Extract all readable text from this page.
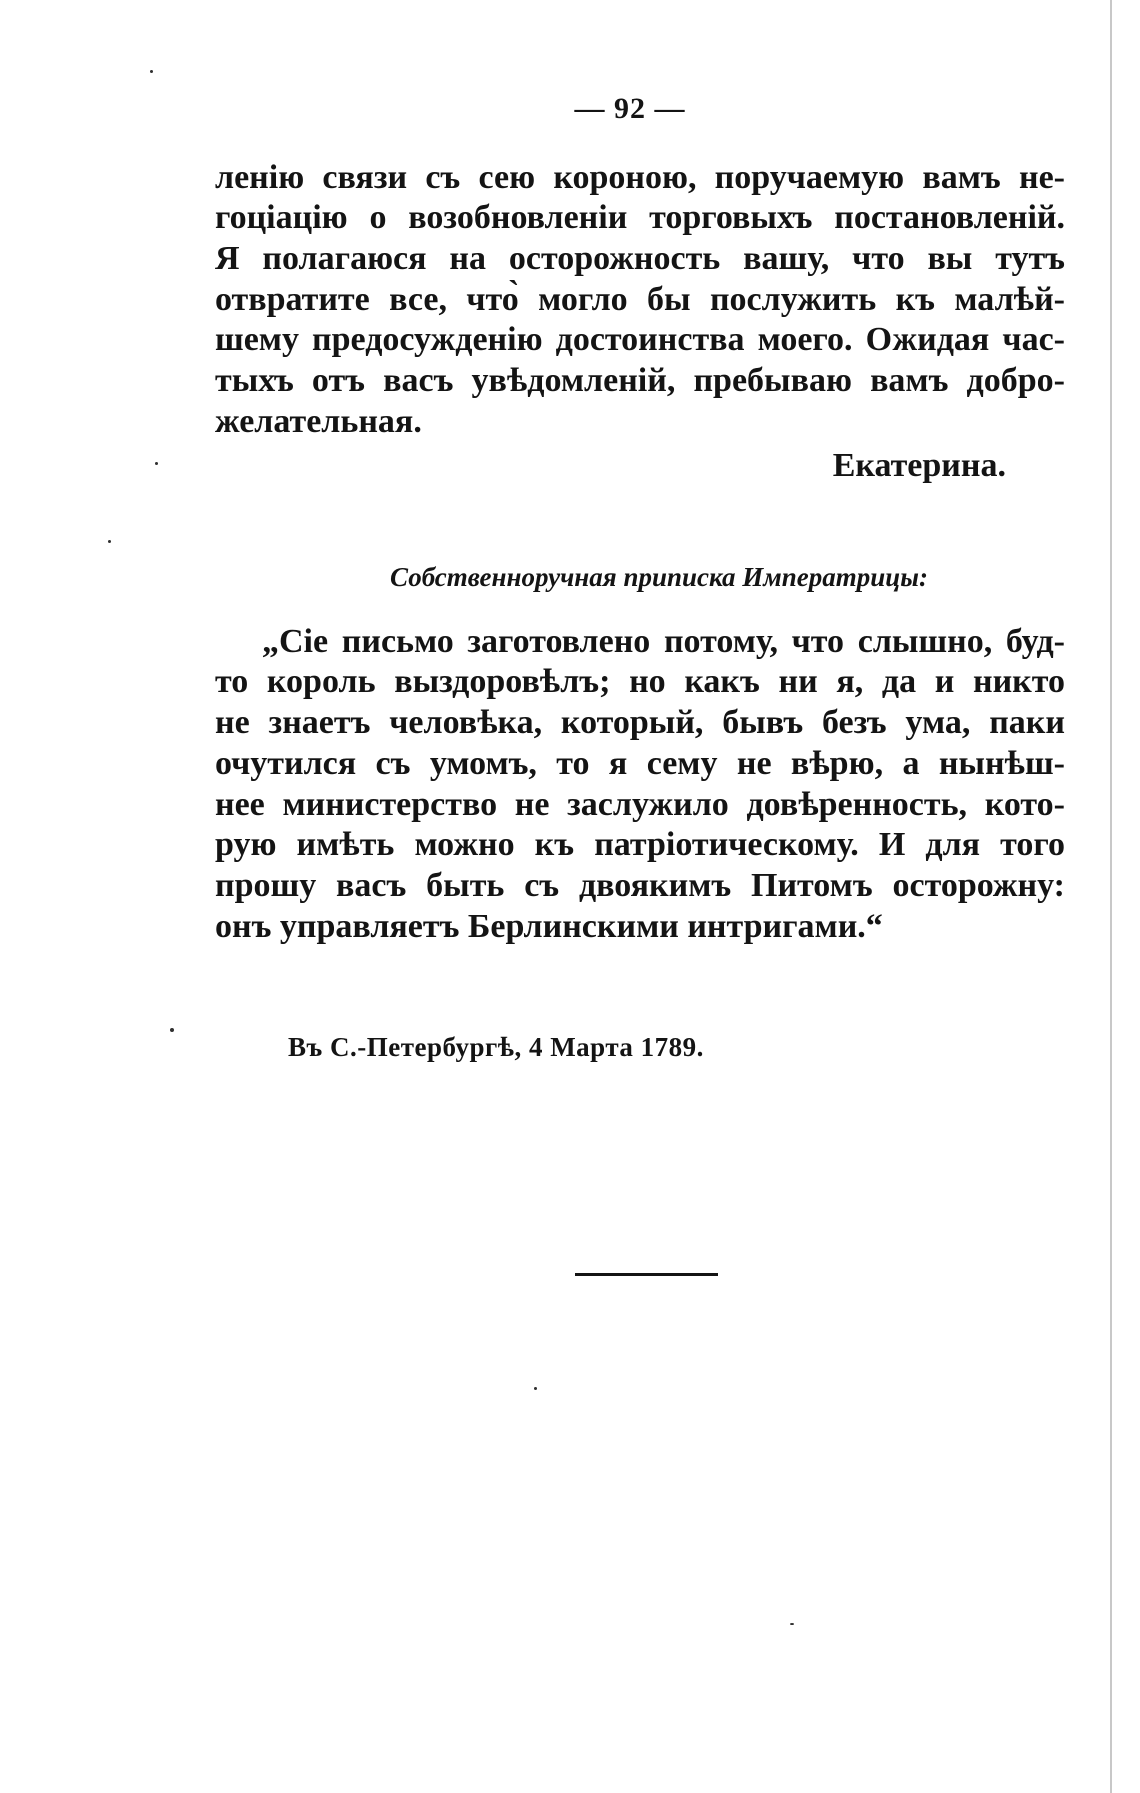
— 92 —
ленію связи съ сею короною, поручаемую вамъ не-
гоціацію о возобновленіи торговыхъ постановленій.
Я полагаюся на осторожность вашу, что вы тутъ
отвратите все, что̀ могло бы послужить къ малѣй-
шему предосужденію достоинства моего. Ожидая час-
тыхъ отъ васъ увѣдомленій, пребываю вамъ добро-
желательная.
Екатерина.
Собственноручная приписка Императрицы:
„Сіе письмо заготовлено потому, что слышно, буд-
то король выздоровѣлъ; но какъ ни я, да и никто
не знаетъ человѣка, который, бывъ безъ ума, паки
очутился съ умомъ, то я сему не вѣрю, а нынѣш-
нее министерство не заслужило довѣренность, кото-
рую имѣть можно къ патріотическому. И для того
прошу васъ быть съ двоякимъ Питомъ осторожну:
онъ управляетъ Берлинскими интригами.“
Въ С.-Петербургѣ, 4 Марта 1789.
